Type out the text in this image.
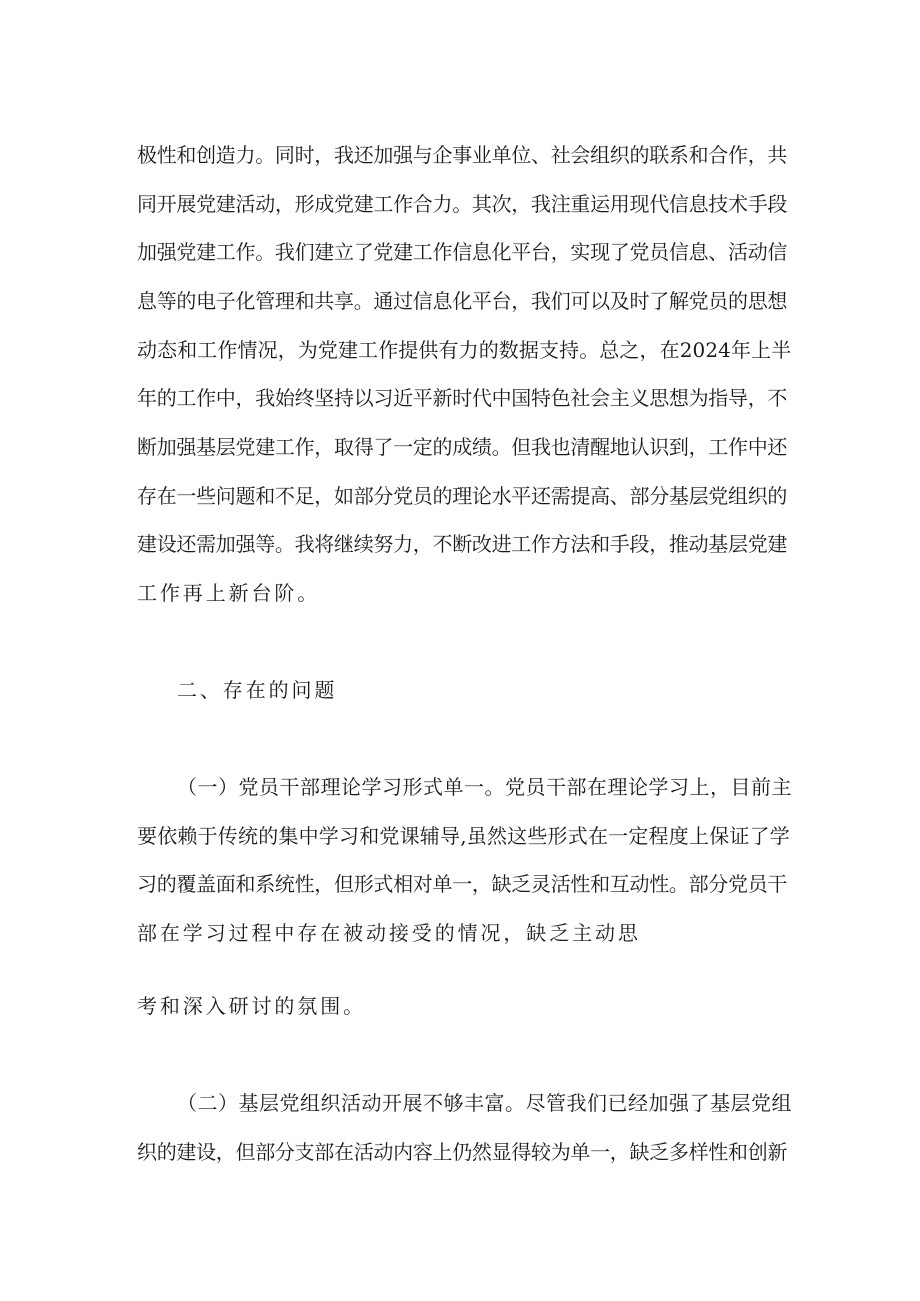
极性和创造力。同时，我还加强与企事业单位、社会组织的联系和合作，共
同开展党建活动，形成党建工作合力。其次，我注重运用现代信息技术手段
加强党建工作。我们建立了党建工作信息化平台，实现了党员信息、活动信
息等的电子化管理和共享。通过信息化平台，我们可以及时了解党员的思想
动态和工作情况，为党建工作提供有力的数据支持。总之，在2024年上半
年的工作中，我始终坚持以习近平新时代中国特色社会主义思想为指导，不
断加强基层党建工作，取得了一定的成绩。但我也清醒地认识到，工作中还
存在一些问题和不足，如部分党员的理论水平还需提高、部分基层党组织的
建设还需加强等。我将继续努力，不断改进工作方法和手段，推动基层党建
工作再上新台阶。
二、存在的问题
（一）党员干部理论学习形式单一。党员干部在理论学习上，目前主
要依赖于传统的集中学习和党课辅导,虽然这些形式在一定程度上保证了学
习的覆盖面和系统性，但形式相对单一，缺乏灵活性和互动性。部分党员干
部在学习过程中存在被动接受的情况，缺乏主动思
考和深入研讨的氛围。
（二）基层党组织活动开展不够丰富。尽管我们已经加强了基层党组
织的建设，但部分支部在活动内容上仍然显得较为单一，缺乏多样性和创新
